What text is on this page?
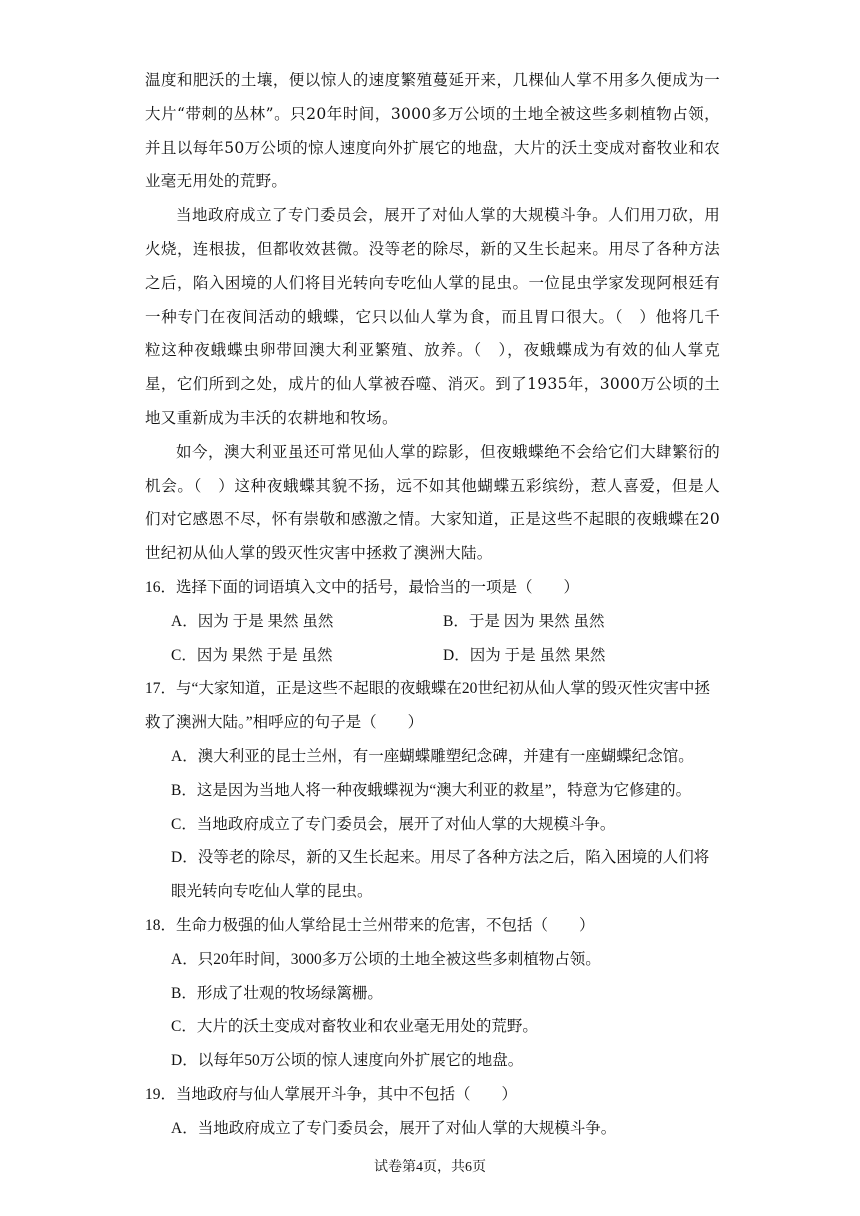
温度和肥沃的土壤，便以惊人的速度繁殖蔓延开来，几棵仙人掌不用多久便成为一大片“带刺的丛林”。只20年时间，3000多万公顷的土地全被这些多刺植物占领，并且以每年50万公顷的惊人速度向外扩展它的地盘，大片的沃土变成对畜牧业和农业毫无用处的荒野。

当地政府成立了专门委员会，展开了对仙人掌的大规模斗争。人们用刀砍，用火烧，连根拔，但都收效甚微。没等老的除尽，新的又生长起来。用尽了各种方法之后，陷入困境的人们将目光转向专吃仙人掌的昆虫。一位昆虫学家发现阿根廷有一种专门在夜间活动的蛾蝶，它只以仙人掌为食，而且胃口很大。（　）他将几千粒这种夜蛾蝶虫卵带回澳大利亚繁殖、放养。（　），夜蛾蝶成为有效的仙人掌克星，它们所到之处，成片的仙人掌被吞噬、消灭。到了1935年，3000万公顷的土地又重新成为丰沃的农耕地和牧场。

如今，澳大利亚虽还可常见仙人掌的踪影，但夜蛾蝶绝不会给它们大肆繁衍的机会。（　）这种夜蛾蝶其貌不扬，远不如其他蝴蝶五彩缤纷，惹人喜爱，但是人们对它感恩不尽，怀有崇敬和感激之情。大家知道，正是这些不起眼的夜蛾蝶在20世纪初从仙人掌的毁灭性灾害中拯救了澳洲大陆。

16．选择下面的词语填入文中的括号，最恰当的一项是（　　）

A．因为 于是 果然 虽然	B．于是 因为 果然 虽然

C．因为 果然 于是 虽然	D．因为 于是 虽然 果然

17．与“大家知道，正是这些不起眼的夜蛾蝶在20世纪初从仙人掌的毁灭性灾害中拯救了澳洲大陆。”相呼应的句子是（　　）

A．澳大利亚的昆士兰州，有一座蝴蝶雕塑纪念碑，并建有一座蝴蝶纪念馆。

B．这是因为当地人将一种夜蛾蝶视为“澳大利亚的救星”，特意为它修建的。

C．当地政府成立了专门委员会，展开了对仙人掌的大规模斗争。

D．没等老的除尽，新的又生长起来。用尽了各种方法之后，陷入困境的人们将眼光转向专吃仙人掌的昆虫。

18．生命力极强的仙人掌给昆士兰州带来的危害，不包括（　　）

A．只20年时间，3000多万公顷的土地全被这些多刺植物占领。

B．形成了壮观的牧场绿篱栅。

C．大片的沃土变成对畜牧业和农业毫无用处的荒野。

D．以每年50万公顷的惊人速度向外扩展它的地盘。

19．当地政府与仙人掌展开斗争，其中不包括（　　）

A．当地政府成立了专门委员会，展开了对仙人掌的大规模斗争。

试卷第4页，共6页
